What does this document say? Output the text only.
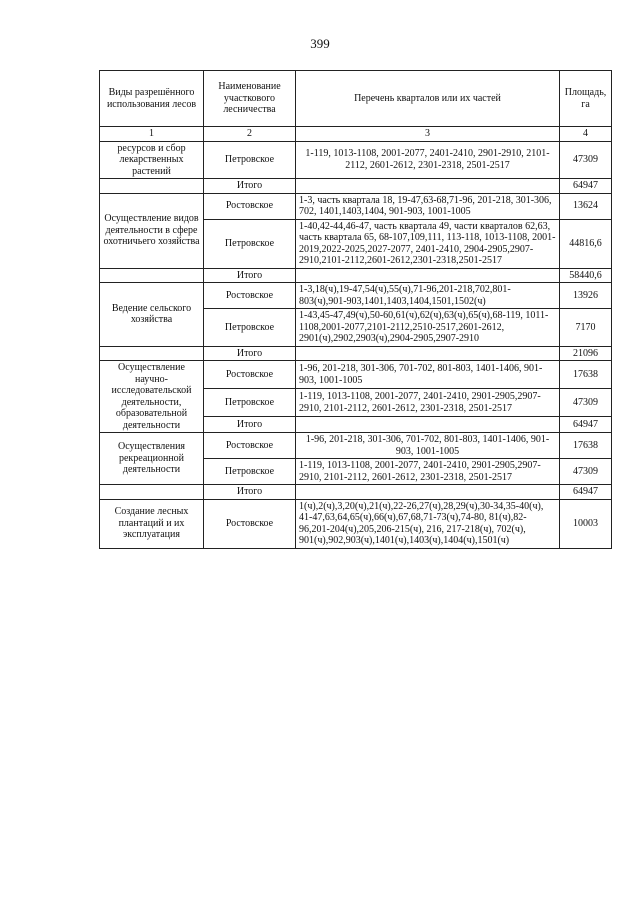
399
Виды разрешённого использования лесов	Наименование участкового лесничества	Перечень кварталов или их частей	Площадь, га
1	2	3	4
ресурсов и сбор лекарственных растений	Петровское	1-119, 1013-1108, 2001-2077, 2401-2410, 2901-2910, 2101-2112, 2601-2612, 2301-2318, 2501-2517	47309
	Итого		64947
Осуществление видов деятельности в сфере охотничьего хозяйства	Ростовское	1-3, часть квартала 18, 19-47,63-68,71-96, 201-218, 301-306, 702, 1401,1403,1404, 901-903, 1001-1005	13624
	Петровское	1-40,42-44,46-47, часть квартала 49, части кварталов 62,63, часть квартала 65, 68-107,109,111, 113-118, 1013-1108, 2001-2019,2022-2025,2027-2077, 2401-2410, 2904-2905,2907-2910,2101-2112,2601-2612,2301-2318,2501-2517	44816,6
	Итого		58440,6
Ведение сельского хозяйства	Ростовское	1-3,18(ч),19-47,54(ч),55(ч),71-96,201-218,702,801-803(ч),901-903,1401,1403,1404,1501,1502(ч)	13926
	Петровское	1-43,45-47,49(ч),50-60,61(ч),62(ч),63(ч),65(ч),68-119, 1011-1108,2001-2077,2101-2112,2510-2517,2601-2612, 2901(ч),2902,2903(ч),2904-2905,2907-2910	7170
	Итого		21096
Осуществление научно-исследовательской деятельности, образовательной деятельности	Ростовское	1-96, 201-218, 301-306, 701-702, 801-803, 1401-1406, 901-903, 1001-1005	17638
	Петровское	1-119, 1013-1108, 2001-2077, 2401-2410, 2901-2905,2907-2910, 2101-2112, 2601-2612, 2301-2318, 2501-2517	47309
	Итого		64947
Осуществления рекреационной деятельности	Ростовское	1-96, 201-218, 301-306, 701-702, 801-803, 1401-1406, 901-903, 1001-1005	17638
	Петровское	1-119, 1013-1108, 2001-2077, 2401-2410, 2901-2905,2907-2910, 2101-2112, 2601-2612, 2301-2318, 2501-2517	47309
	Итого		64947
Создание лесных плантаций и их эксплуатация	Ростовское	1(ч),2(ч),3,20(ч),21(ч),22-26,27(ч),28,29(ч),30-34,35-40(ч), 41-47,63,64,65(ч),66(ч),67,68,71-73(ч),74-80, 81(ч),82-96,201-204(ч),205,206-215(ч), 216, 217-218(ч), 702(ч), 901(ч),902,903(ч),1401(ч),1403(ч),1404(ч),1501(ч)	10003
